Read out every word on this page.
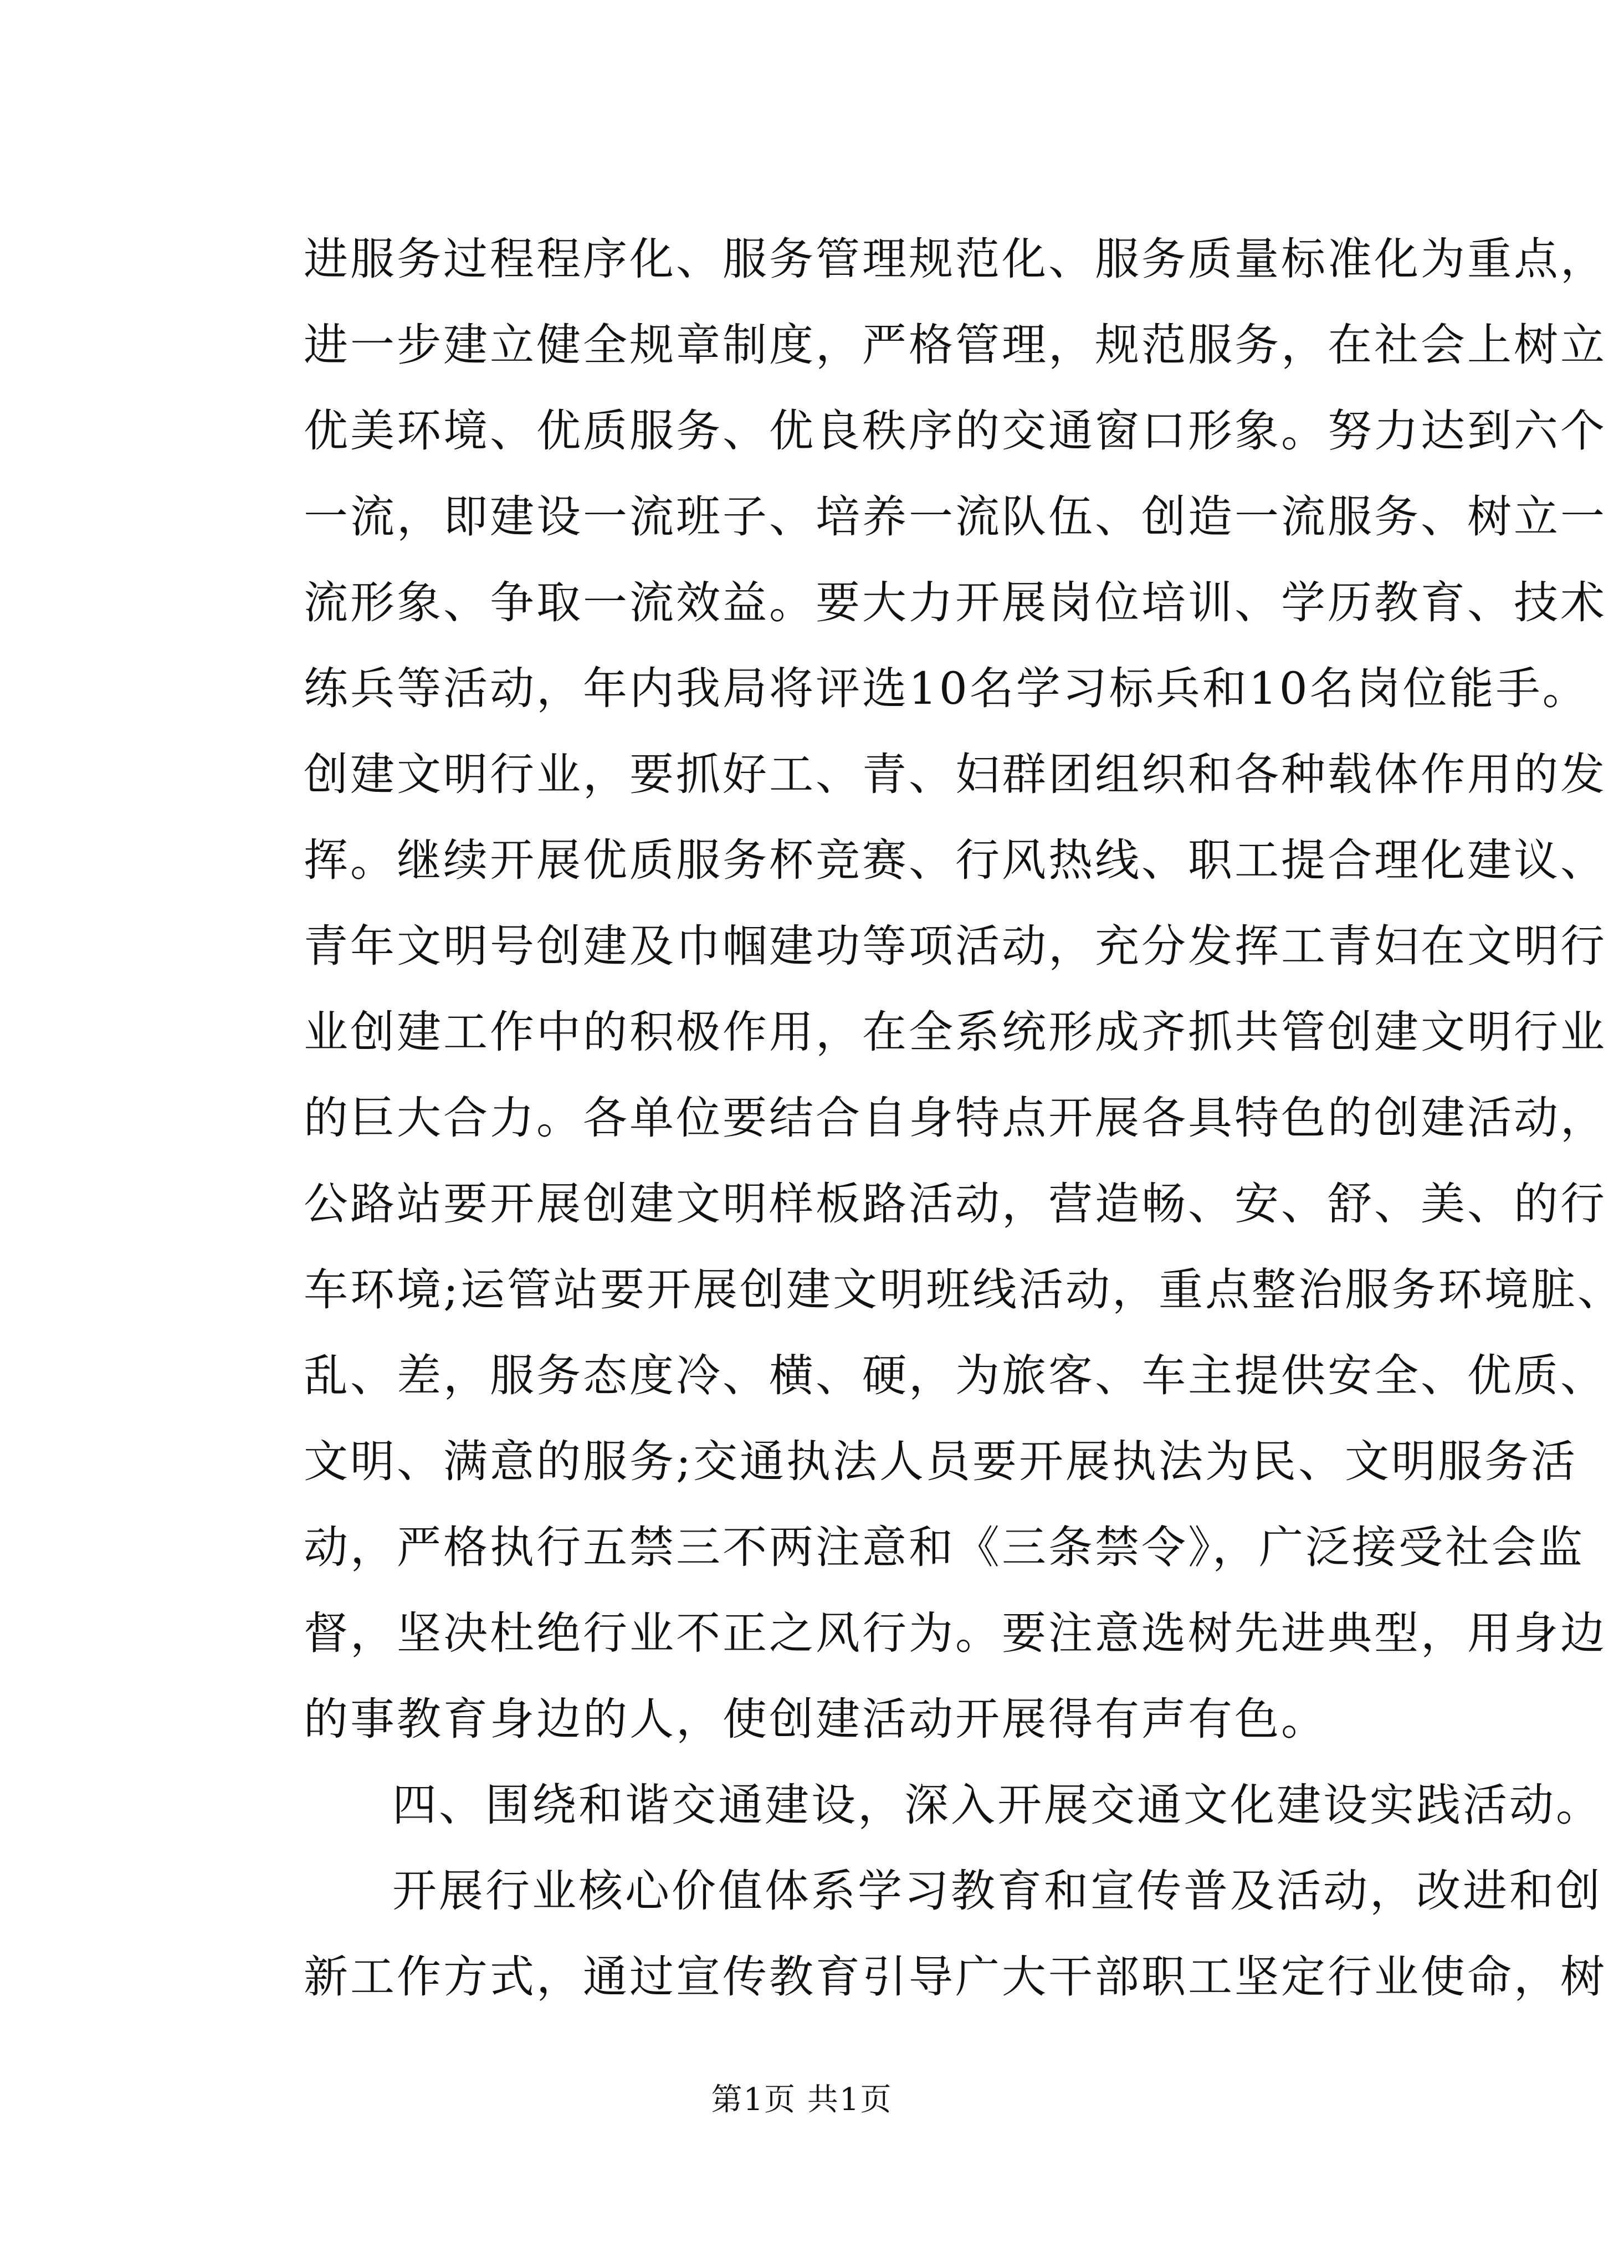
进服务过程程序化、服务管理规范化、服务质量标准化为重点，
进一步建立健全规章制度，严格管理，规范服务，在社会上树立
优美环境、优质服务、优良秩序的交通窗口形象。努力达到六个
一流，即建设一流班子、培养一流队伍、创造一流服务、树立一
流形象、争取一流效益。要大力开展岗位培训、学历教育、技术
练兵等活动，年内我局将评选10名学习标兵和10名岗位能手。
创建文明行业，要抓好工、青、妇群团组织和各种载体作用的发
挥。继续开展优质服务杯竞赛、行风热线、职工提合理化建议、
青年文明号创建及巾帼建功等项活动，充分发挥工青妇在文明行
业创建工作中的积极作用，在全系统形成齐抓共管创建文明行业
的巨大合力。各单位要结合自身特点开展各具特色的创建活动，
公路站要开展创建文明样板路活动，营造畅、安、舒、美、的行
车环境;运管站要开展创建文明班线活动，重点整治服务环境脏、
乱、差，服务态度冷、横、硬，为旅客、车主提供安全、优质、
文明、满意的服务;交通执法人员要开展执法为民、文明服务活
动，严格执行五禁三不两注意和《三条禁令》，广泛接受社会监
督，坚决杜绝行业不正之风行为。要注意选树先进典型，用身边
的事教育身边的人，使创建活动开展得有声有色。
四、围绕和谐交通建设，深入开展交通文化建设实践活动。
开展行业核心价值体系学习教育和宣传普及活动，改进和创
新工作方式，通过宣传教育引导广大干部职工坚定行业使命，树
第1页 共1页
